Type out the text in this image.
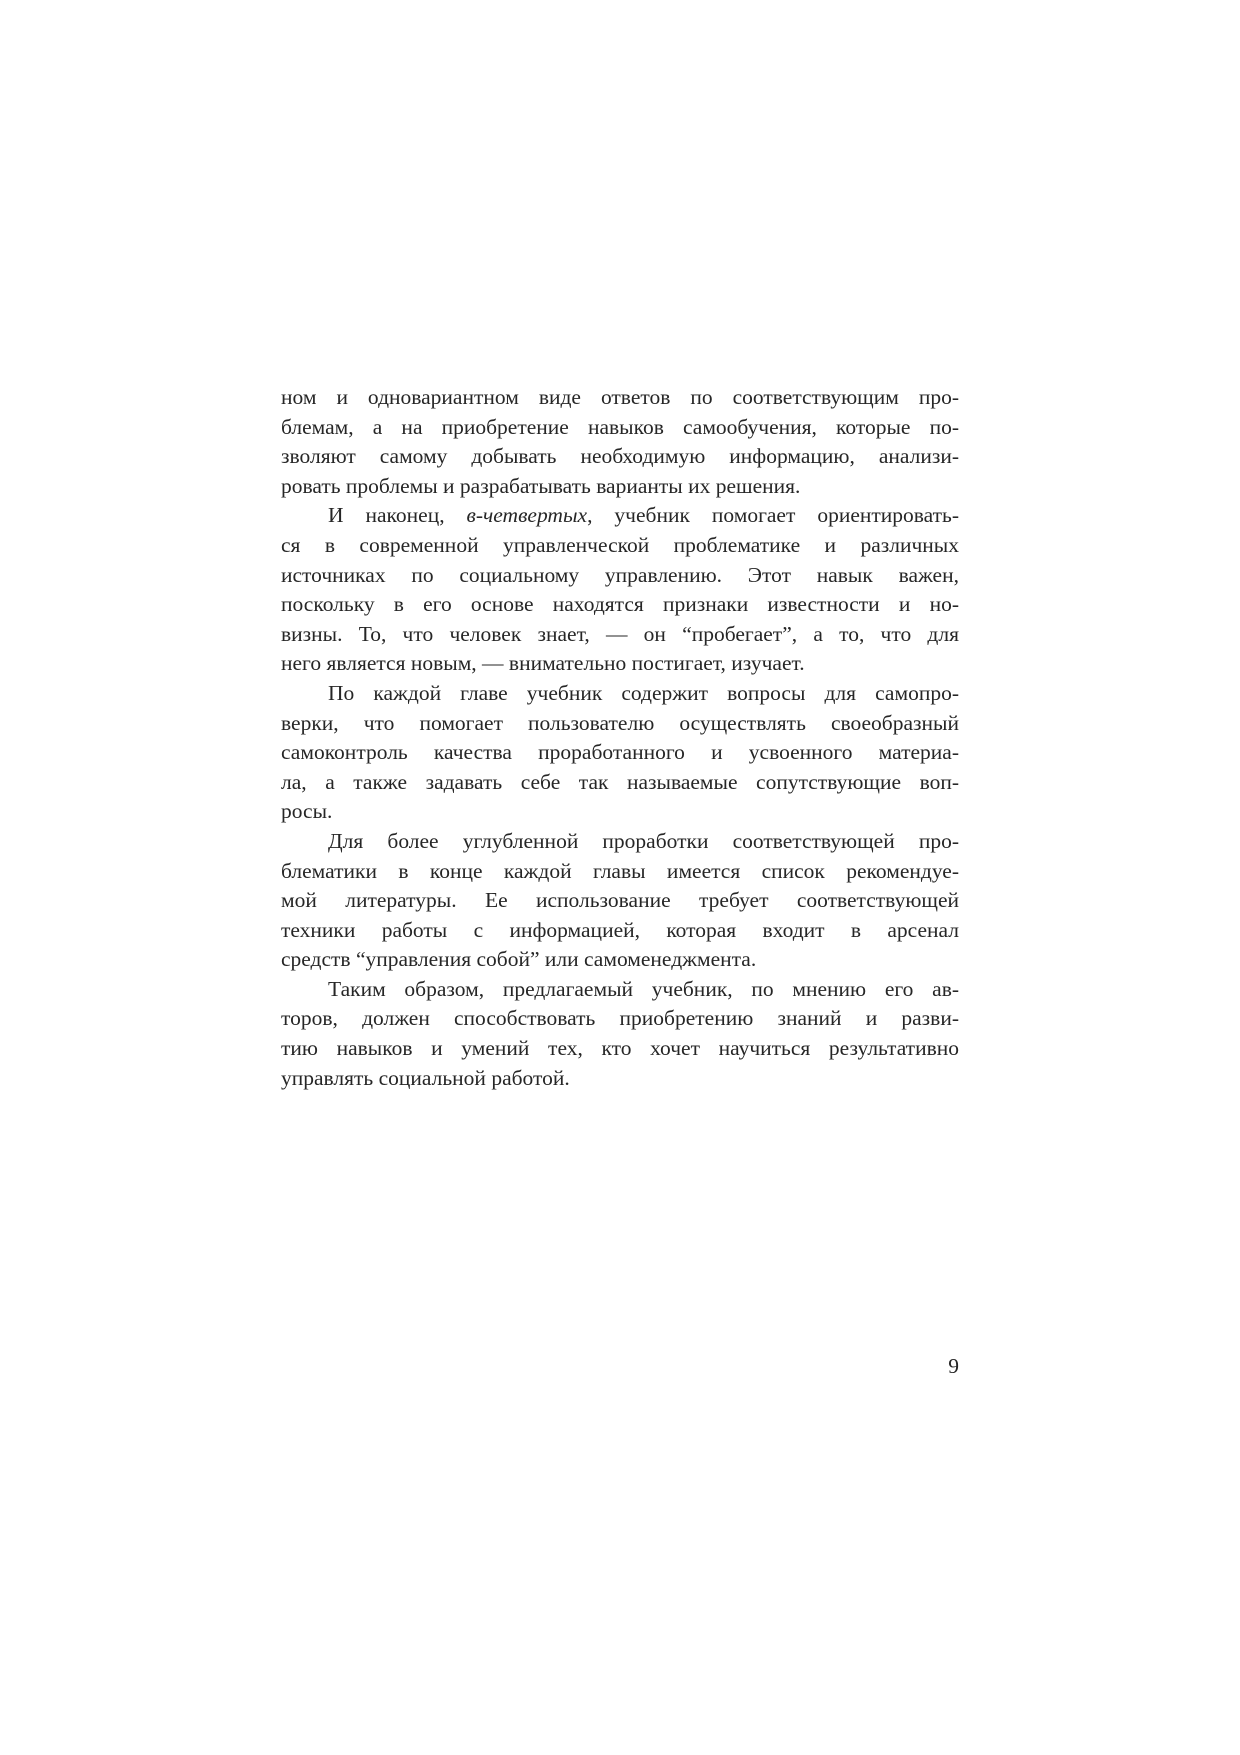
ном и одновариантном виде ответов по соответствующим про-
блемам, а на приобретение навыков самообучения, которые по-
зволяют самому добывать необходимую информацию, анализи-
ровать проблемы и разрабатывать варианты их решения.
И наконец, в-четвертых, учебник помогает ориентировать-
ся в современной управленческой проблематике и различных
источниках по социальному управлению. Этот навык важен,
поскольку в его основе находятся признаки известности и но-
визны. То, что человек знает, — он “пробегает”, а то, что для
него является новым, — внимательно постигает, изучает.
По каждой главе учебник содержит вопросы для самопро-
верки, что помогает пользователю осуществлять своеобразный
самоконтроль качества проработанного и усвоенного материа-
ла, а также задавать себе так называемые сопутствующие воп-
росы.
Для более углубленной проработки соответствующей про-
блематики в конце каждой главы имеется список рекомендуе-
мой литературы. Ее использование требует соответствующей
техники работы с информацией, которая входит в арсенал
средств “управления собой” или самоменеджмента.
Таким образом, предлагаемый учебник, по мнению его ав-
торов, должен способствовать приобретению знаний и разви-
тию навыков и умений тех, кто хочет научиться результативно
управлять социальной работой.
9
